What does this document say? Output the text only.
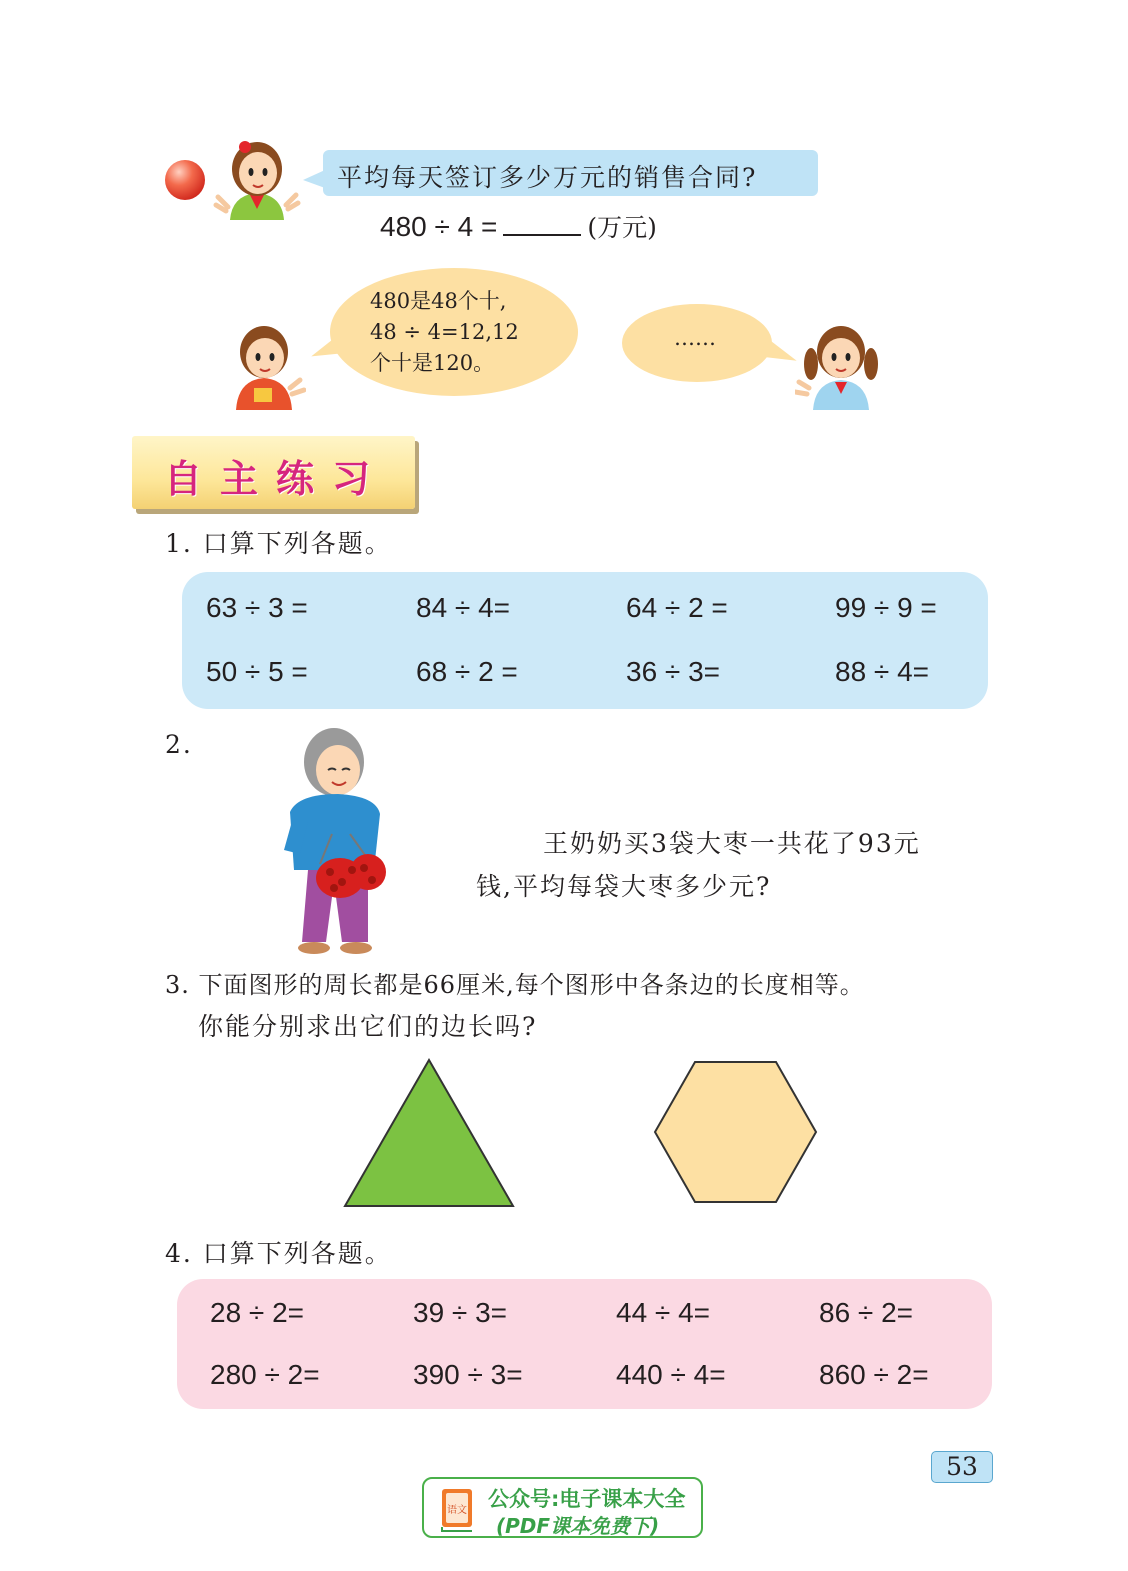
平均每天签订多少万元的销售合同?
480 ÷ 4 =	(万元)
480是48个十,
48 ÷ 4=12,12
个十是120。
……
自主练习
1. 口算下列各题。
63 ÷ 3 =	84 ÷ 4=	64 ÷ 2 =	99 ÷ 9 =
50 ÷ 5 =	68 ÷ 2 =	36 ÷ 3=	88 ÷ 4=
2.
王奶奶买3袋大枣一共花了93元
钱,平均每袋大枣多少元?
3. 下面图形的周长都是66厘米,每个图形中各条边的长度相等。
你能分别求出它们的边长吗?
4. 口算下列各题。
28 ÷ 2=	39 ÷ 3=	44 ÷ 4=	86 ÷ 2=
280 ÷ 2=	390 ÷ 3=	440 ÷ 4=	860 ÷ 2=
53
语文 公众号:电子课本大全
(PDF课本免费下)
